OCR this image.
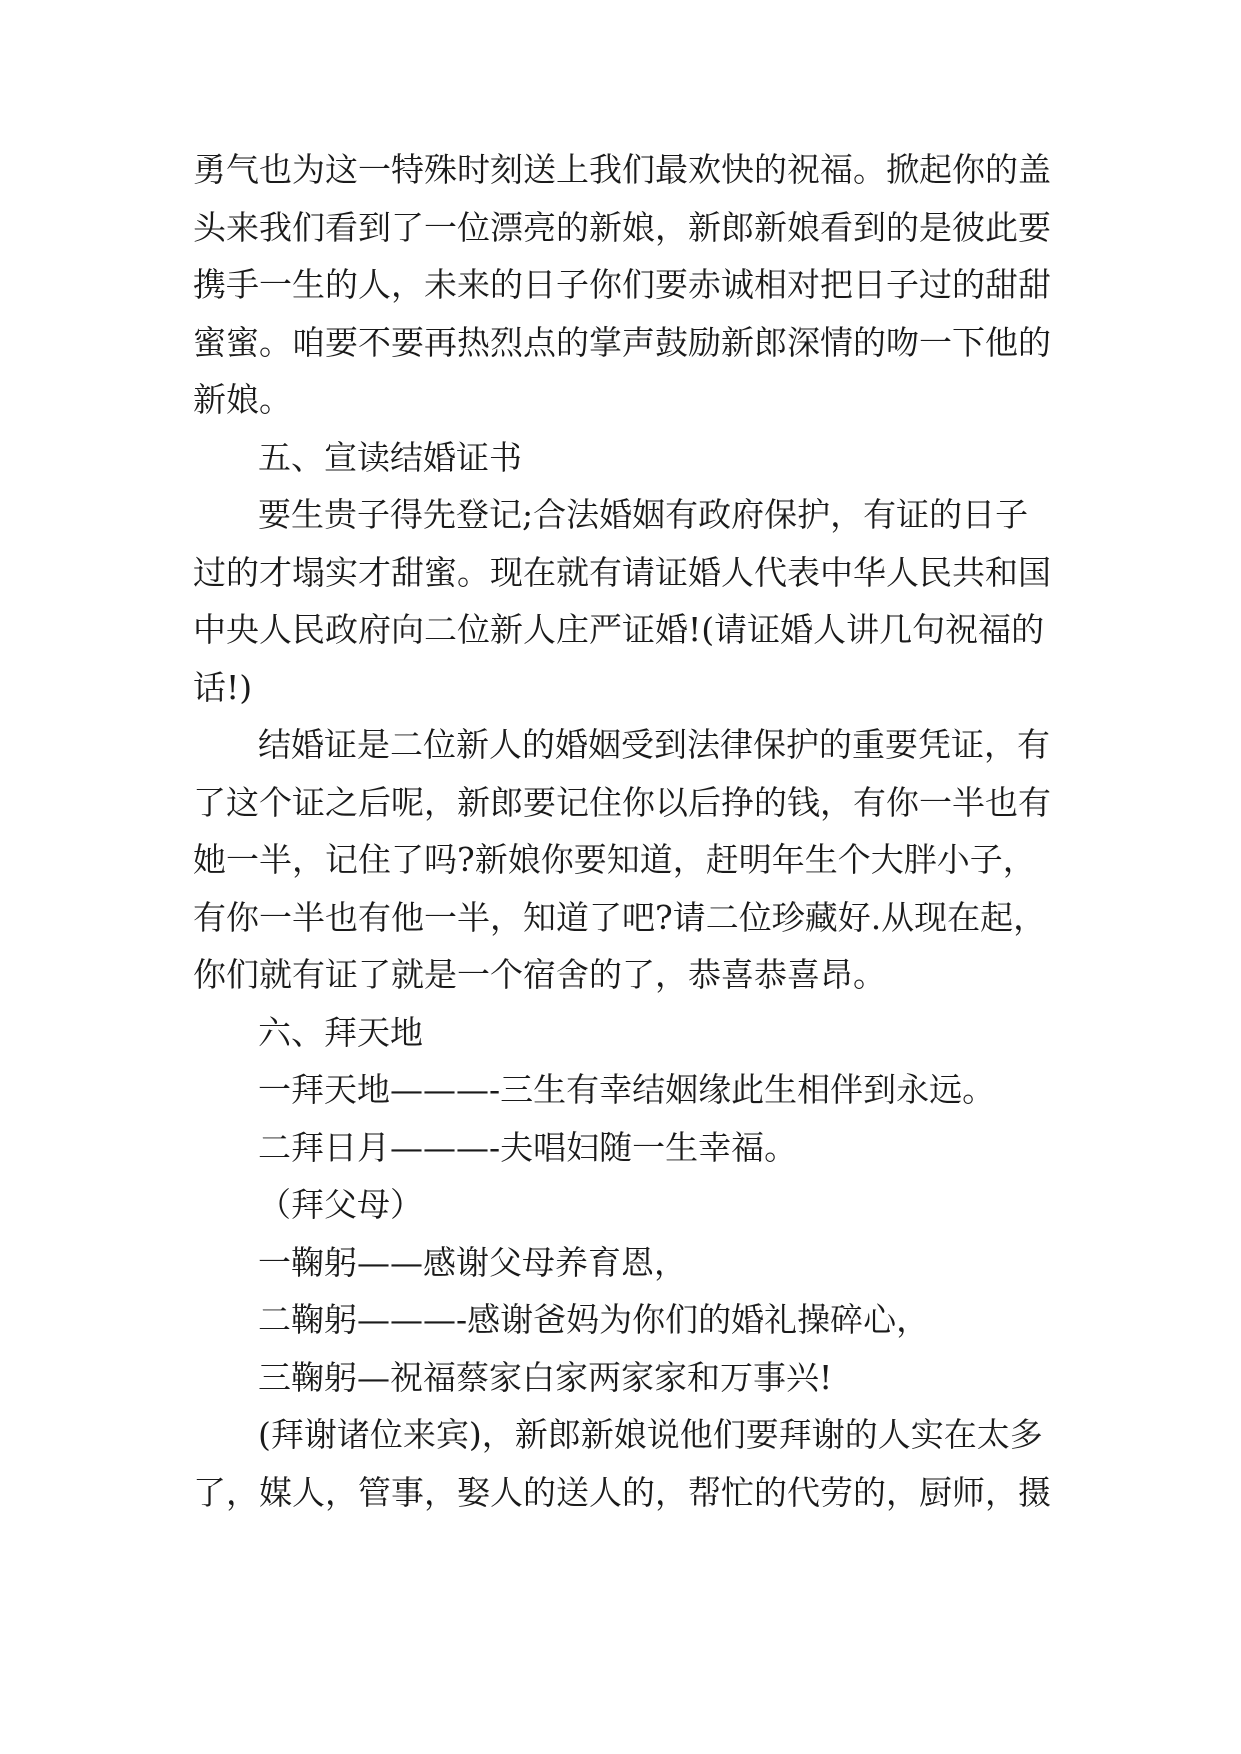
勇气也为这一特殊时刻送上我们最欢快的祝福。掀起你的盖
头来我们看到了一位漂亮的新娘，新郎新娘看到的是彼此要
携手一生的人，未来的日子你们要赤诚相对把日子过的甜甜
蜜蜜。咱要不要再热烈点的掌声鼓励新郎深情的吻一下他的
新娘。
五、宣读结婚证书
要生贵子得先登记;合法婚姻有政府保护，有证的日子
过的才塌实才甜蜜。现在就有请证婚人代表中华人民共和国
中央人民政府向二位新人庄严证婚!(请证婚人讲几句祝福的
话!)
结婚证是二位新人的婚姻受到法律保护的重要凭证，有
了这个证之后呢，新郎要记住你以后挣的钱，有你一半也有
她一半，记住了吗?新娘你要知道，赶明年生个大胖小子，
有你一半也有他一半，知道了吧?请二位珍藏好.从现在起，
你们就有证了就是一个宿舍的了，恭喜恭喜昂。
六、拜天地
一拜天地———-三生有幸结姻缘此生相伴到永远。
二拜日月———-夫唱妇随一生幸福。
（拜父母）
一鞠躬——感谢父母养育恩，
二鞠躬———-感谢爸妈为你们的婚礼操碎心，
三鞠躬—祝福蔡家白家两家家和万事兴!
(拜谢诸位来宾)，新郎新娘说他们要拜谢的人实在太多
了，媒人，管事，娶人的送人的，帮忙的代劳的，厨师，摄
